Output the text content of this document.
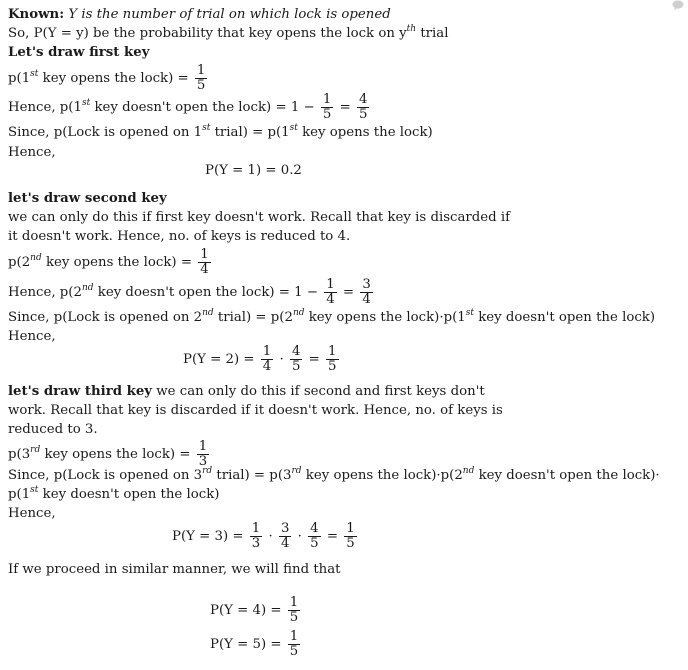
Known: Y is the number of trial on which lock is opened
So, P(Y = y) be the probability that key opens the lock on $y^{th}$ trial
Let's draw first key
p(1st key opens the lock) = $\frac{1}{5}$
Hence, p(1st key doesn't open the lock) = $1 - \frac{1}{5} = \frac{4}{5}$
Since, p(Lock is opened on 1st trial) = p(1st key opens the lock)
Hence,
P(Y = 1) = 0.2
let's draw second key
we can only do this if first key doesn't work. Recall that key is discarded if
it doesn't work. Hence, no. of keys is reduced to 4.
p(2nd key opens the lock) = $\frac{1}{4}$
Hence, p(2nd key doesn't open the lock) = $1 - \frac{1}{4} = \frac{3}{4}$
Since, p(Lock is opened on 2nd trial) = p(2nd key opens the lock)·p(1st key doesn't open the lock)
Hence,
$P(Y = 2) = \frac{1}{4} \cdot \frac{4}{5} = \frac{1}{5}$
let's draw third key we can only do this if second and first keys don't
work. Recall that key is discarded if it doesn't work. Hence, no. of keys is
reduced to 3.
p(3rd key opens the lock) = $\frac{1}{3}$
Since, p(Lock is opened on 3rd trial) = p(3rd key opens the lock)·p(2nd key doesn't open the lock)·
p(1st key doesn't open the lock)
Hence,
$P(Y = 3) = \frac{1}{3} \cdot \frac{3}{4} \cdot \frac{4}{5} = \frac{1}{5}$
If we proceed in similar manner, we will find that
$P(Y = 4) = \frac{1}{5}$
$P(Y = 5) = \frac{1}{5}$
